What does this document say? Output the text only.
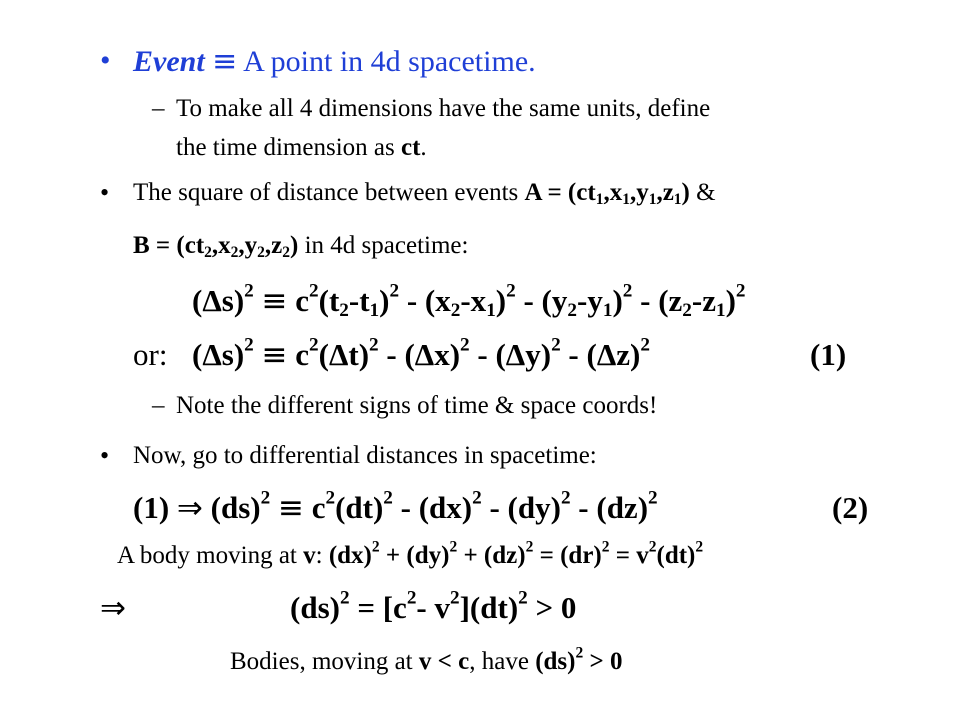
• Event ≡ A point in 4d spacetime.
– To make all 4 dimensions have the same units, define
the time dimension as ct.
• The square of distance between events $A = (ct_1,x_1,y_1,z_1)$ &
$B = (ct_2,x_2,y_2,z_2)$ in 4d spacetime:
$(\Delta s)^2 \equiv c^2(t_2-t_1)^2 - (x_2-x_1)^2 - (y_2-y_1)^2 - (z_2-z_1)^2$
or: $(\Delta s)^2 \equiv c^2(\Delta t)^2 - (\Delta x)^2 - (\Delta y)^2 - (\Delta z)^2$	(1)
– Note the different signs of time & space coords!
• Now, go to differential distances in spacetime:
(1) ⇒ $(ds)^2 \equiv c^2(dt)^2 - (dx)^2 - (dy)^2 - (dz)^2$	(2)
A body moving at v: $(dx)^2 + (dy)^2 + (dz)^2 = (dr)^2 = v^2(dt)^2$
⇒	$(ds)^2 = [c^2-$ $v^2](dt)^2 > 0$
Bodies, moving at v < c, have (ds)$^2$ > 0
